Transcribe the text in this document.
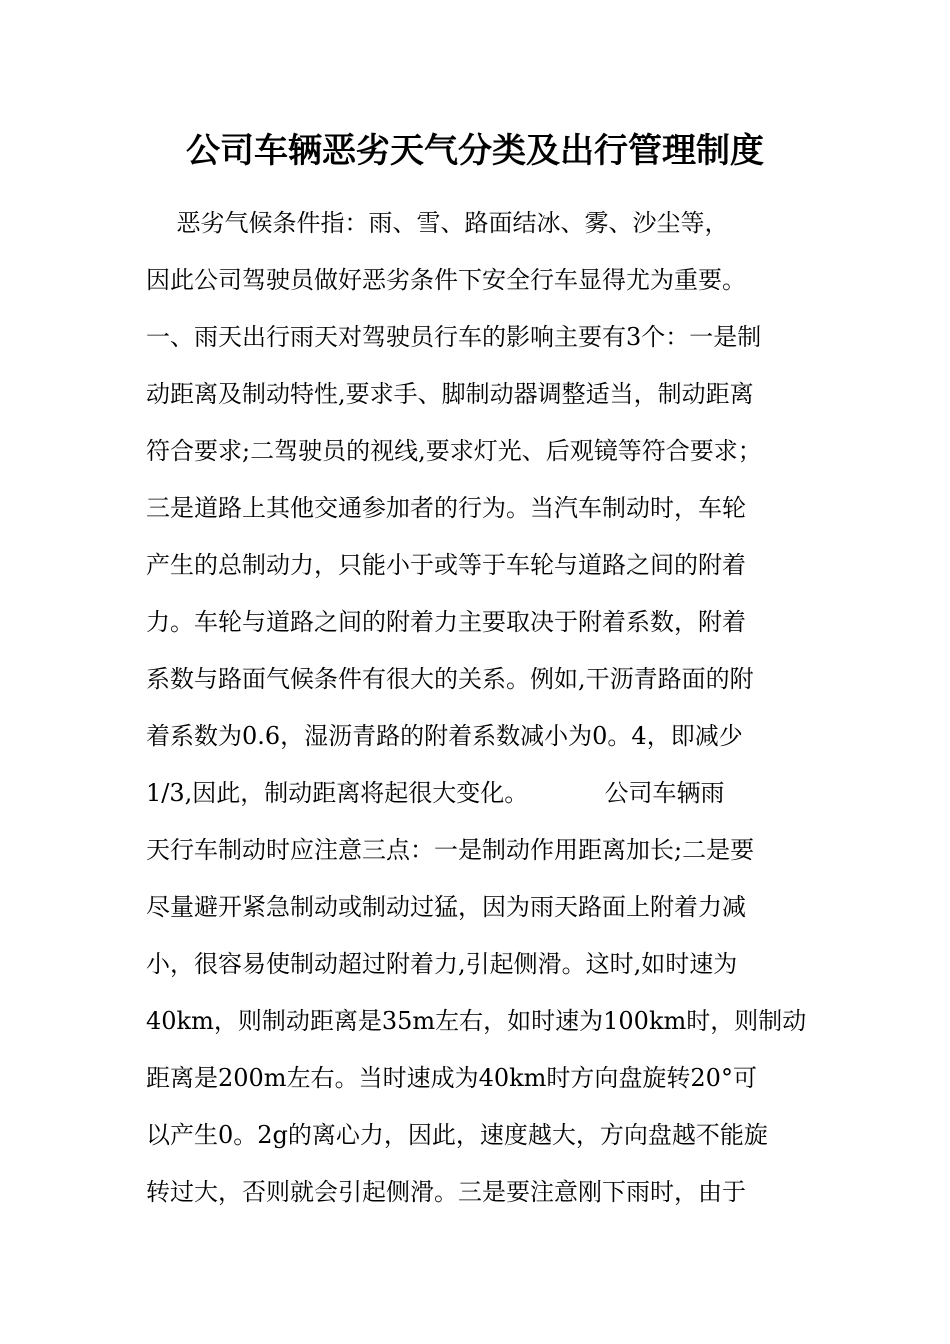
公司车辆恶劣天气分类及出行管理制度
恶劣气候条件指：雨、雪、路面结冰、雾、沙尘等，
因此公司驾驶员做好恶劣条件下安全行车显得尤为重要。
一、雨天出行雨天对驾驶员行车的影响主要有3个：一是制
动距离及制动特性,要求手、脚制动器调整适当，制动距离
符合要求;二驾驶员的视线,要求灯光、后观镜等符合要求；
三是道路上其他交通参加者的行为。当汽车制动时，车轮
产生的总制动力，只能小于或等于车轮与道路之间的附着
力。车轮与道路之间的附着力主要取决于附着系数，附着
系数与路面气候条件有很大的关系。例如,干沥青路面的附
着系数为0.6，湿沥青路的附着系数减小为0。4，即减少
1/3,因此，制动距离将起很大变化。          公司车辆雨
天行车制动时应注意三点：一是制动作用距离加长;二是要
尽量避开紧急制动或制动过猛，因为雨天路面上附着力减
小，很容易使制动超过附着力,引起侧滑。这时,如时速为
40km，则制动距离是35m左右，如时速为100km时，则制动
距离是200m左右。当时速成为40km时方向盘旋转20°可
以产生0。2g的离心力，因此，速度越大，方向盘越不能旋
转过大，否则就会引起侧滑。三是要注意刚下雨时，由于
